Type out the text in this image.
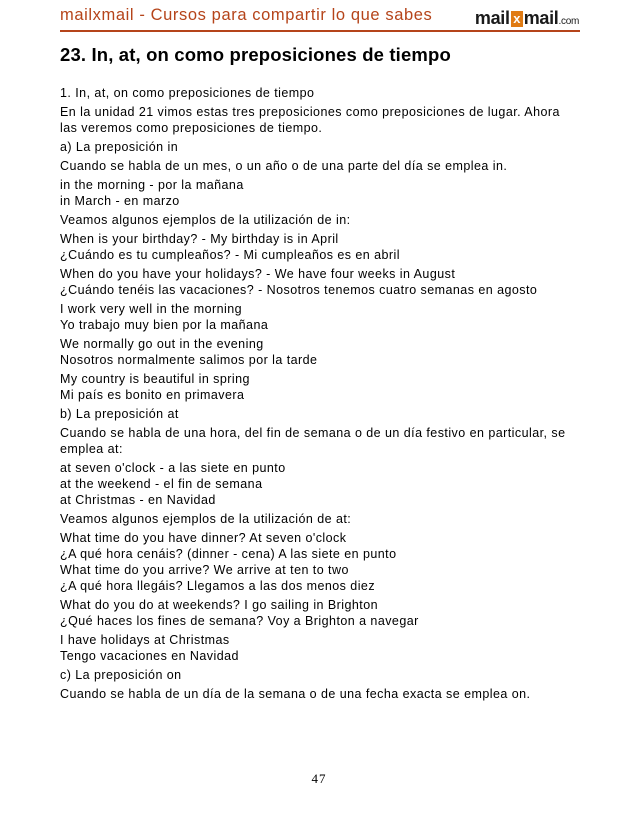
mailxmail - Cursos para compartir lo que sabes mail x mail.com
23. In, at, on como preposiciones de tiempo
1. In, at, on como preposiciones de tiempo
En la unidad 21 vimos estas tres preposiciones como preposiciones de lugar. Ahora
las veremos como preposiciones de tiempo.
a) La preposición in
Cuando se habla de un mes, o un año o de una parte del día se emplea in.
in the morning - por la mañana
in March - en marzo
Veamos algunos ejemplos de la utilización de in:
When is your birthday? - My birthday is in April
¿Cuándo es tu cumpleaños? - Mi cumpleaños es en abril
When do you have your holidays? - We have four weeks in August
¿Cuándo tenéis las vacaciones? - Nosotros tenemos cuatro semanas en agosto
I work very well in the morning
Yo trabajo muy bien por la mañana
We normally go out in the evening
Nosotros normalmente salimos por la tarde
My country is beautiful in spring
Mi país es bonito en primavera
b) La preposición at
Cuando se habla de una hora, del fin de semana o de un día festivo en particular, se
emplea at:
at seven o'clock - a las siete en punto
at the weekend - el fin de semana
at Christmas - en Navidad
Veamos algunos ejemplos de la utilización de at:
What time do you have dinner? At seven o'clock
¿A qué hora cenáis? (dinner - cena) A las siete en punto
What time do you arrive? We arrive at ten to two
¿A qué hora llegáis? Llegamos a las dos menos diez
What do you do at weekends? I go sailing in Brighton
¿Qué haces los fines de semana? Voy a Brighton a navegar
I have holidays at Christmas
Tengo vacaciones en Navidad
c) La preposición on
Cuando se habla de un día de la semana o de una fecha exacta se emplea on.
47
